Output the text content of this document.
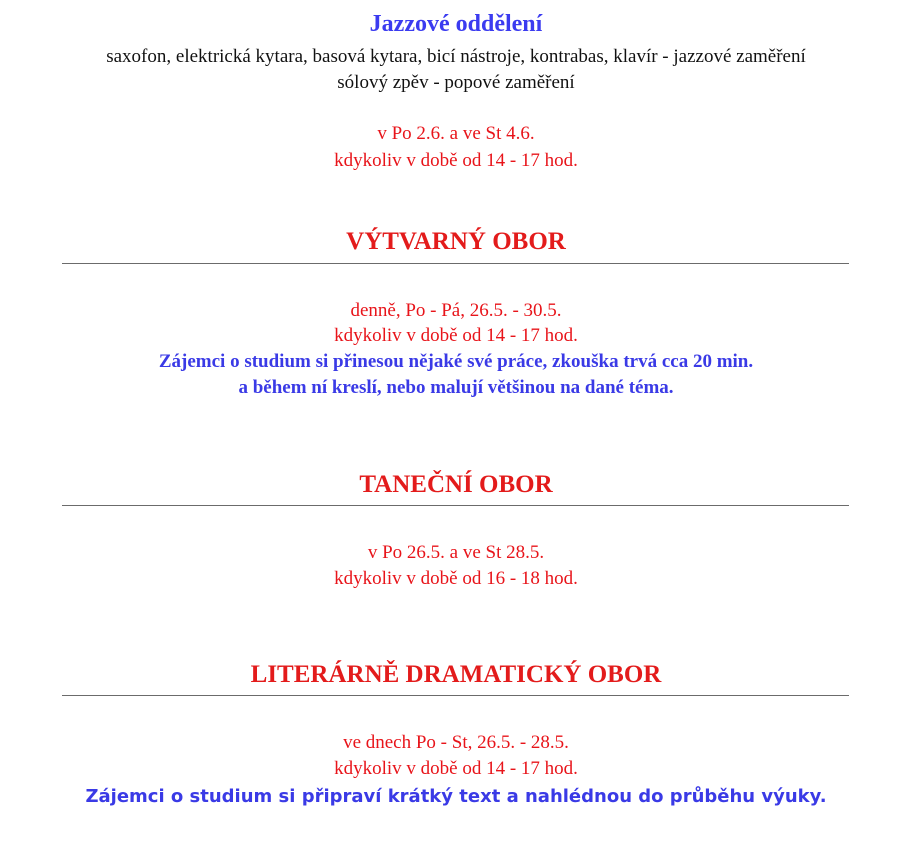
Jazzové oddělení
saxofon, elektrická kytara, basová kytara, bicí nástroje, kontrabas, klavír - jazzové zaměření
sólový zpěv - popové zaměření
v Po 2.6. a ve St 4.6.
kdykoliv v době od 14 - 17 hod.
VÝTVARNÝ OBOR
denně, Po - Pá, 26.5. - 30.5.
kdykoliv v době od 14 - 17 hod.
Zájemci o studium si přinesou nějaké své práce, zkouška trvá cca 20 min.
a během ní kreslí, nebo malují většinou na dané téma.
TANEČNÍ OBOR
v Po 26.5. a ve St 28.5.
kdykoliv v době od 16 - 18 hod.
LITERÁRNĚ DRAMATICKÝ OBOR
ve dnech Po - St, 26.5. - 28.5.
kdykoliv v době od 14 - 17 hod.
Zájemci o studium si připraví krátký text a nahlédnou do průběhu výuky.
